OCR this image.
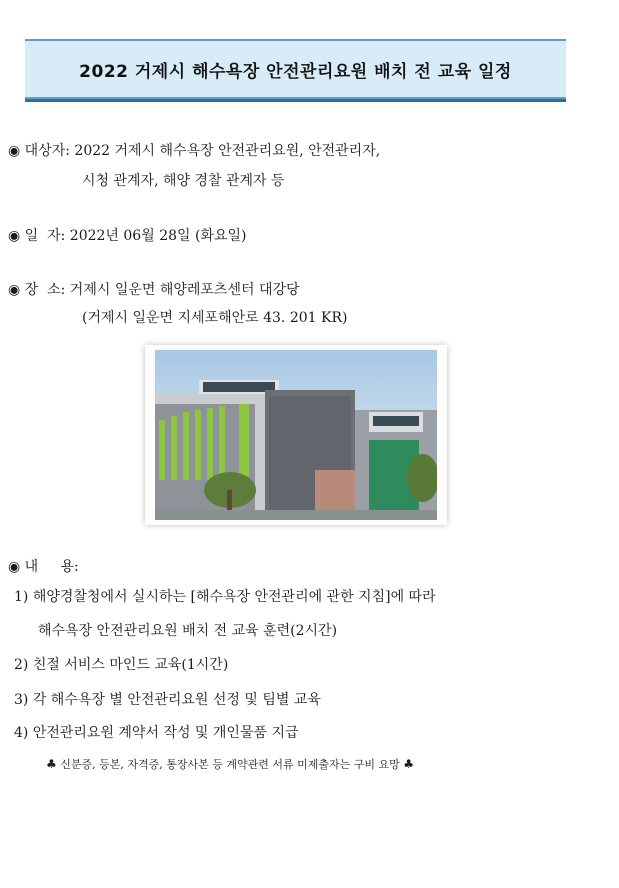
2022 거제시 해수욕장 안전관리요원 배치 전 교육 일정
◉ 대상자: 2022 거제시 해수욕장 안전관리요원, 안전관리자,
시청 관계자, 해양 경찰 관계자 등
◉ 일  자: 2022년 06월 28일 (화요일)
◉ 장  소: 거제시 일운면 해양레포츠센터 대강당
(거제시 일운면 지세포해안로 43. 201 KR)
◉ 내     용:
1) 해양경찰청에서 실시하는 [해수욕장 안전관리에 관한 지침]에 따라
해수욕장 안전관리요원 배치 전 교육 훈련(2시간)
2) 친절 서비스 마인드 교육(1시간)
3) 각 해수욕장 별 안전관리요원 선정 및 팀별 교육
4) 안전관리요원 계약서 작성 및 개인물품 지급
♣ 신분증, 등본, 자격증, 통장사본 등 계약관련 서류 미제출자는 구비 요망 ♣
